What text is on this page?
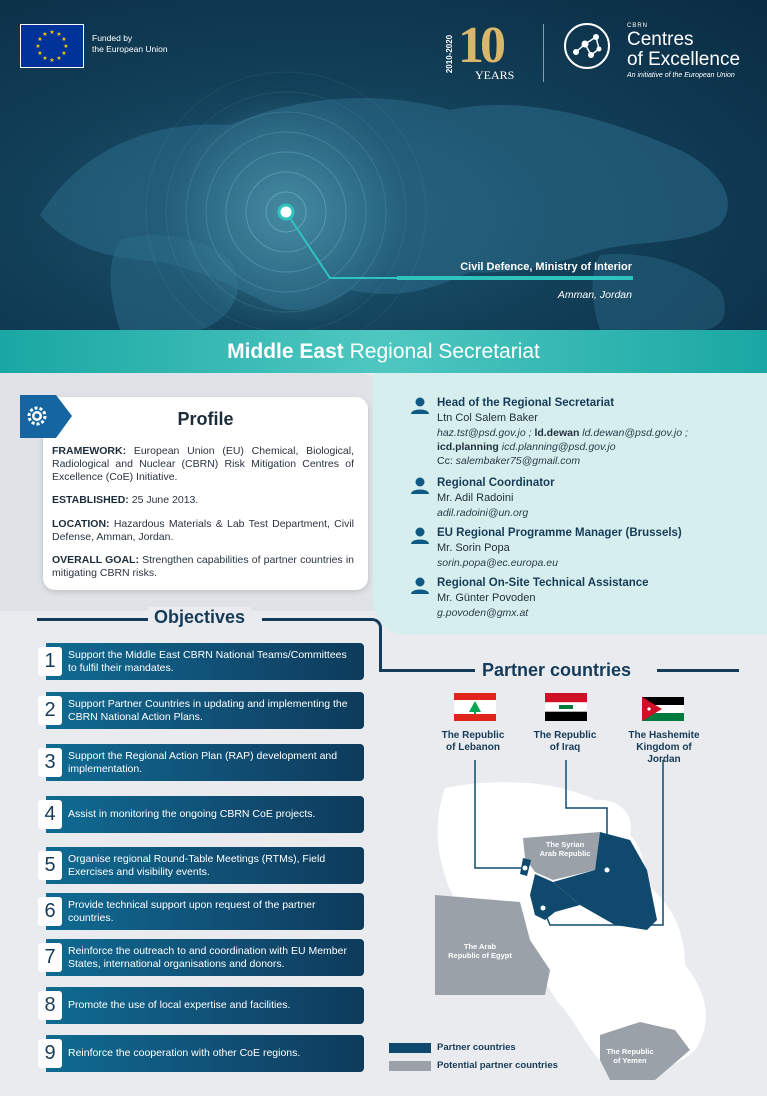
★ ★
★
★
★
★
★
★
★
★
★
★	Funded by
the European Union	2010-2020 10
YEARS
CBRN
Centres
of Excellence
An initiative of the European Union
Civil Defence, Ministry of Interior
Amman, Jordan
Middle East Regional Secretariat
Head of the Regional Secretariat
Ltn Col Salem Baker
haz.tst@psd.gov.jo ; ld.dewan ld.dewan@psd.gov.jo ;
icd.planning icd.planning@psd.gov.jo
Cc: salembaker75@gmail.com
Regional Coordinator
Mr. Adil Radoini
adil.radoini@un.org
EU Regional Programme Manager (Brussels)
Mr. Sorin Popa
sorin.popa@ec.europa.eu
Regional On-Site Technical Assistance
Mr. Günter Povoden
g.povoden@gmx.at
Profile
FRAMEWORK: European Union (EU) Chemical, Biological, Radiological and Nuclear (CBRN) Risk Mitigation Centres of Excellence (CoE) Initiative.
ESTABLISHED: 25 June 2013.
LOCATION: Hazardous Materials & Lab Test Department, Civil Defense, Amman, Jordan.
OVERALL GOAL: Strengthen capabilities of partner countries in mitigating CBRN risks.
Objectives
1	Support the Middle East CBRN National Teams/Committees to fulfil their mandates.
2	Support Partner Countries in updating and implementing the CBRN National Action Plans.
3	Support the Regional Action Plan (RAP) development and implementation.
4	Assist in monitoring the ongoing CBRN CoE projects.
5	Organise regional Round-Table Meetings (RTMs), Field Exercises and visibility events.
6	Provide technical support upon request of the partner countries.
7	Reinforce the outreach to and coordination with EU Member States, international organisations and donors.
8	Promote the use of local expertise and facilities.
9	Reinforce the cooperation with other CoE regions.
Partner countries
The Republic
of Lebanon
The Republic
of Iraq
The Hashemite
Kingdom of
Jordan
The Syrian
Arab Republic
The Arab
Republic of Egypt
The Republic
of Yemen
Partner countries
Potential partner countries
